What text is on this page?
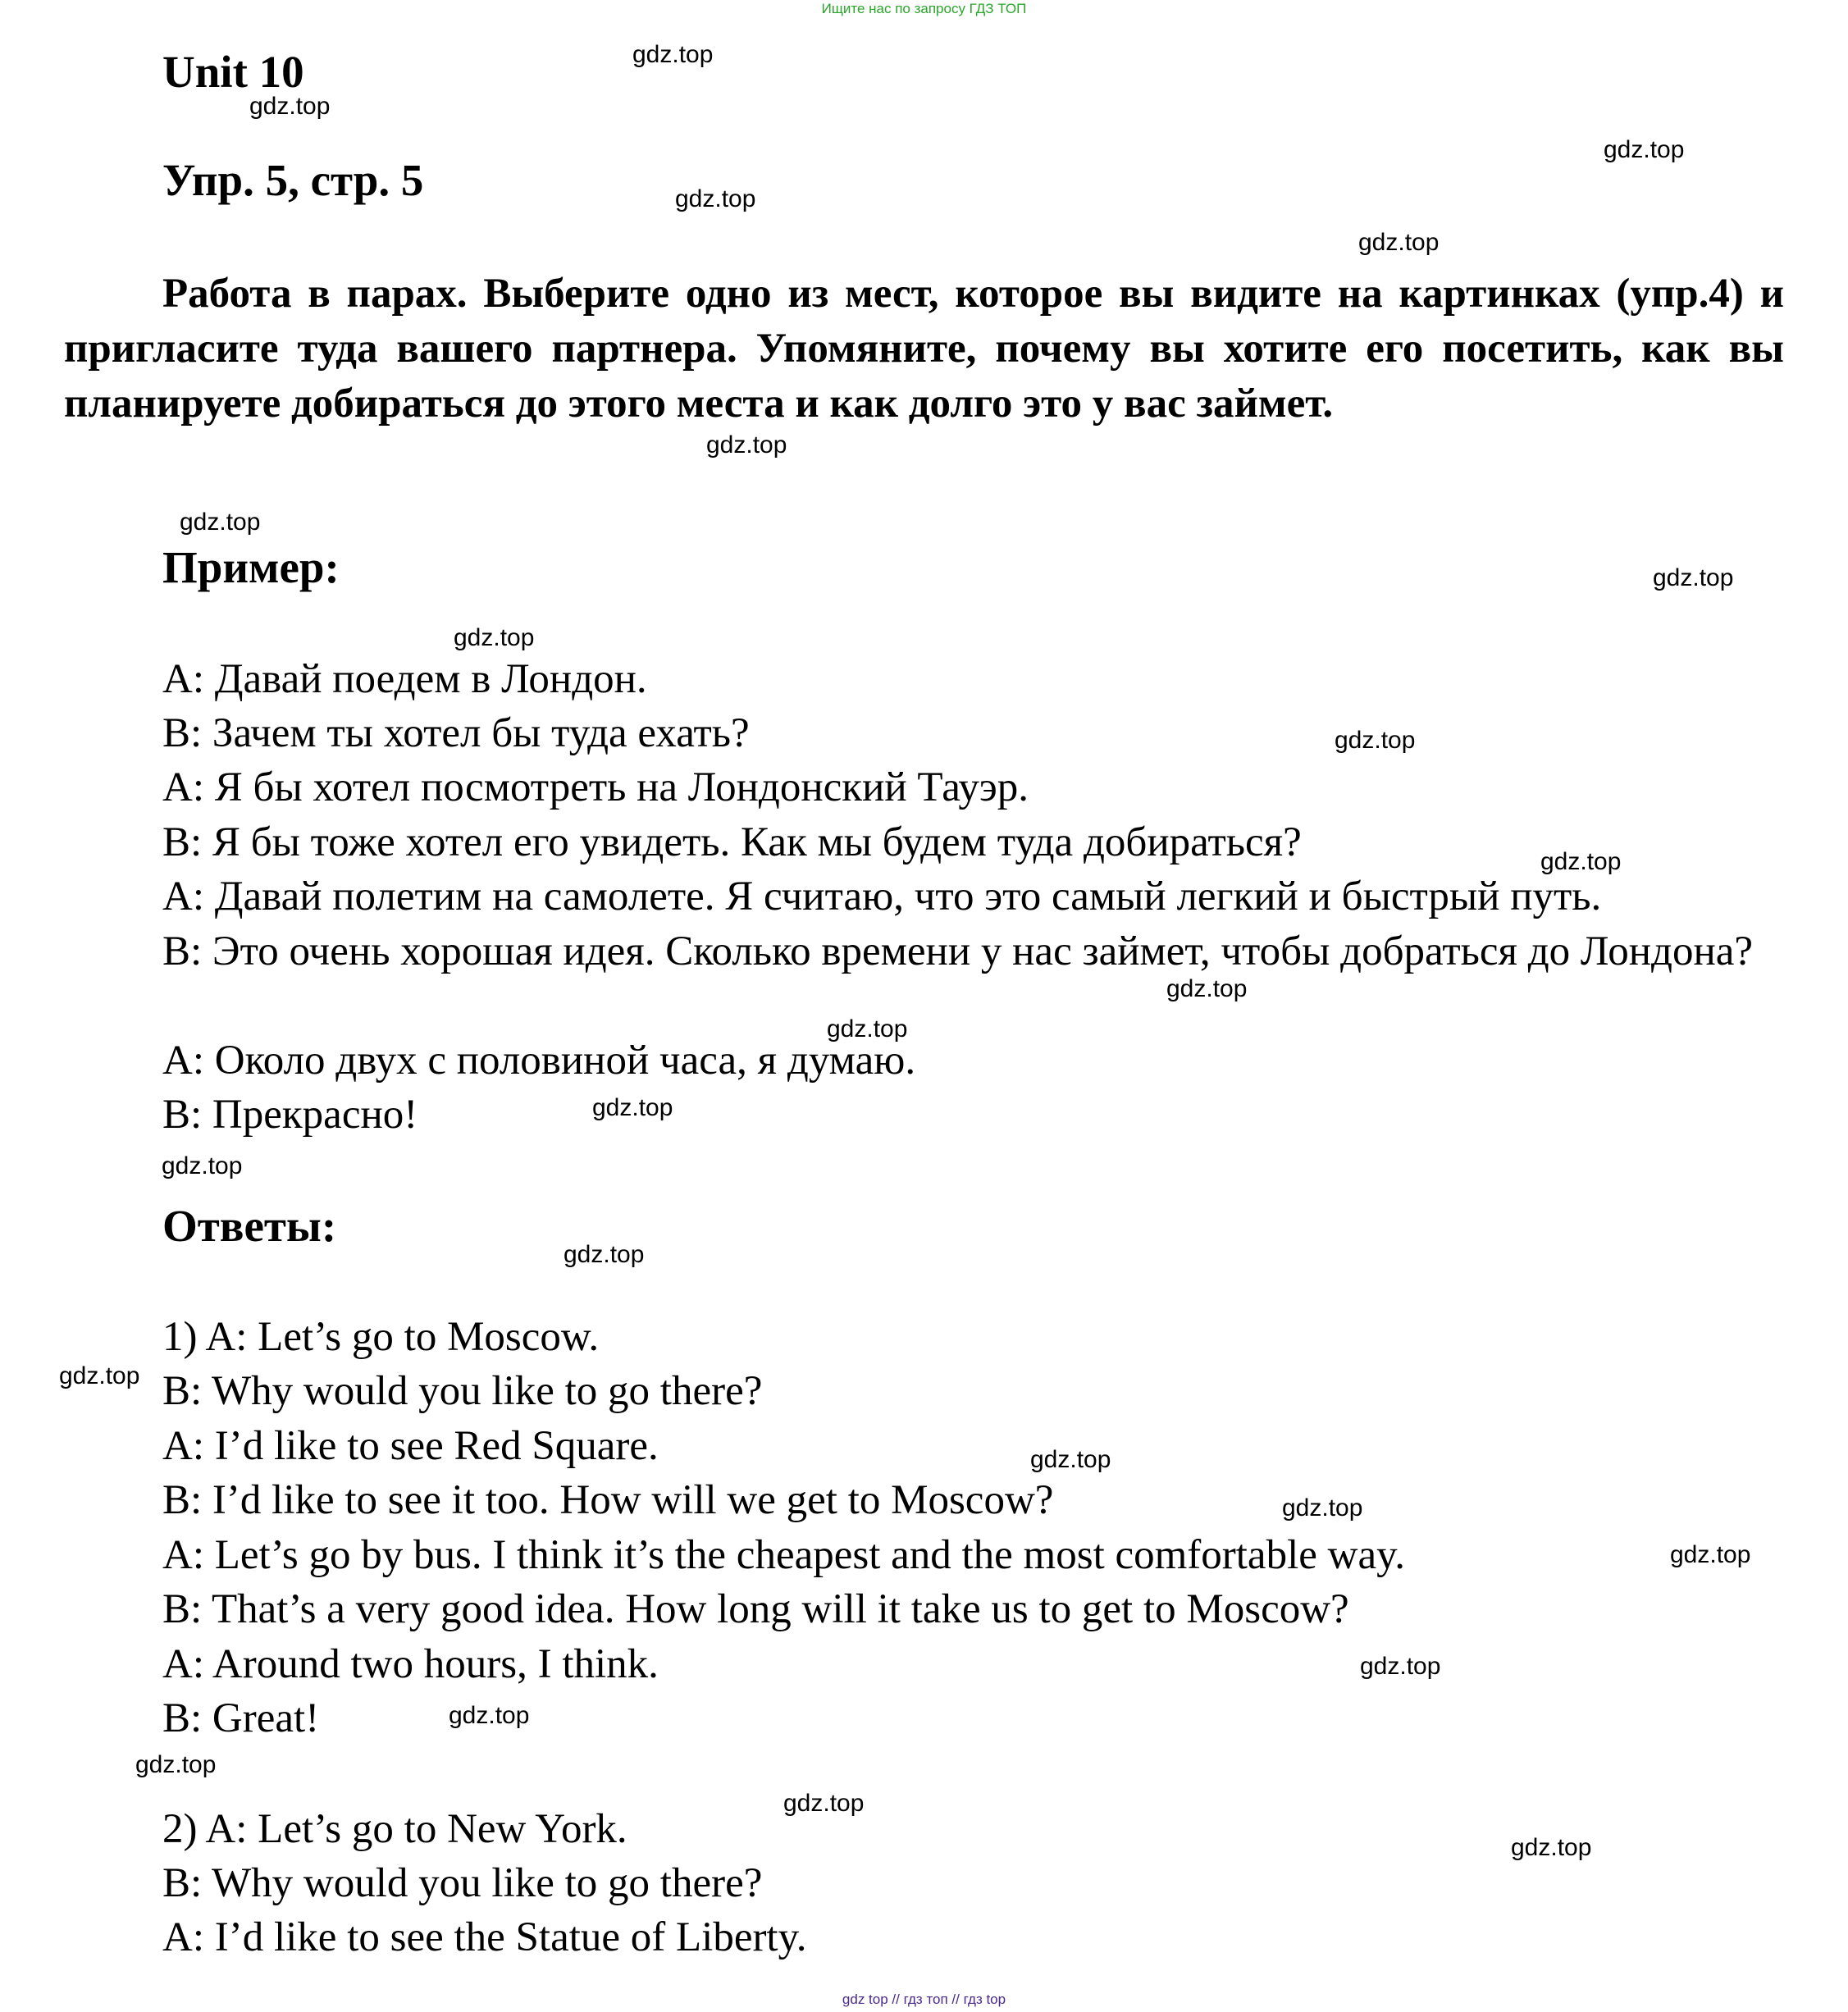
Ищите нас по запросу ГДЗ ТОП
Unit 10
Упр. 5, стр. 5
Работа в парах. Выберите одно из мест, которое вы видите на картинках (упр.4) и пригласите туда вашего партнера. Упомяните, почему вы хотите его посетить, как вы планируете добираться до этого места и как долго это у вас займет.
Пример:
А: Давай поедем в Лондон.
В: Зачем ты хотел бы туда ехать?
А: Я бы хотел посмотреть на Лондонский Тауэр.
В: Я бы тоже хотел его увидеть. Как мы будем туда добираться?
А: Давай полетим на самолете. Я считаю, что это самый легкий и быстрый путь.
В: Это очень хорошая идея. Сколько времени у нас займет, чтобы добраться до Лондона?
А: Около двух с половиной часа, я думаю.
В: Прекрасно!
Ответы:
1) A: Let’s go to Moscow.
B: Why would you like to go there?
A: I’d like to see Red Square.
B: I’d like to see it too. How will we get to Moscow?
A: Let’s go by bus. I think it’s the cheapest and the most comfortable way.
B: That’s a very good idea. How long will it take us to get to Moscow?
A: Around two hours, I think.
B: Great!
2) A: Let’s go to New York.
B: Why would you like to go there?
A: I’d like to see the Statue of Liberty.
gdz.top
gdz.top
gdz.top
gdz.top
gdz.top
gdz.top
gdz.top
gdz.top
gdz.top
gdz.top
gdz.top
gdz.top
gdz.top
gdz.top
gdz.top
gdz.top
gdz.top
gdz.top
gdz.top
gdz.top
gdz.top
gdz.top
gdz.top
gdz.top
gdz.top
gdz top // гдз топ // гдз top
